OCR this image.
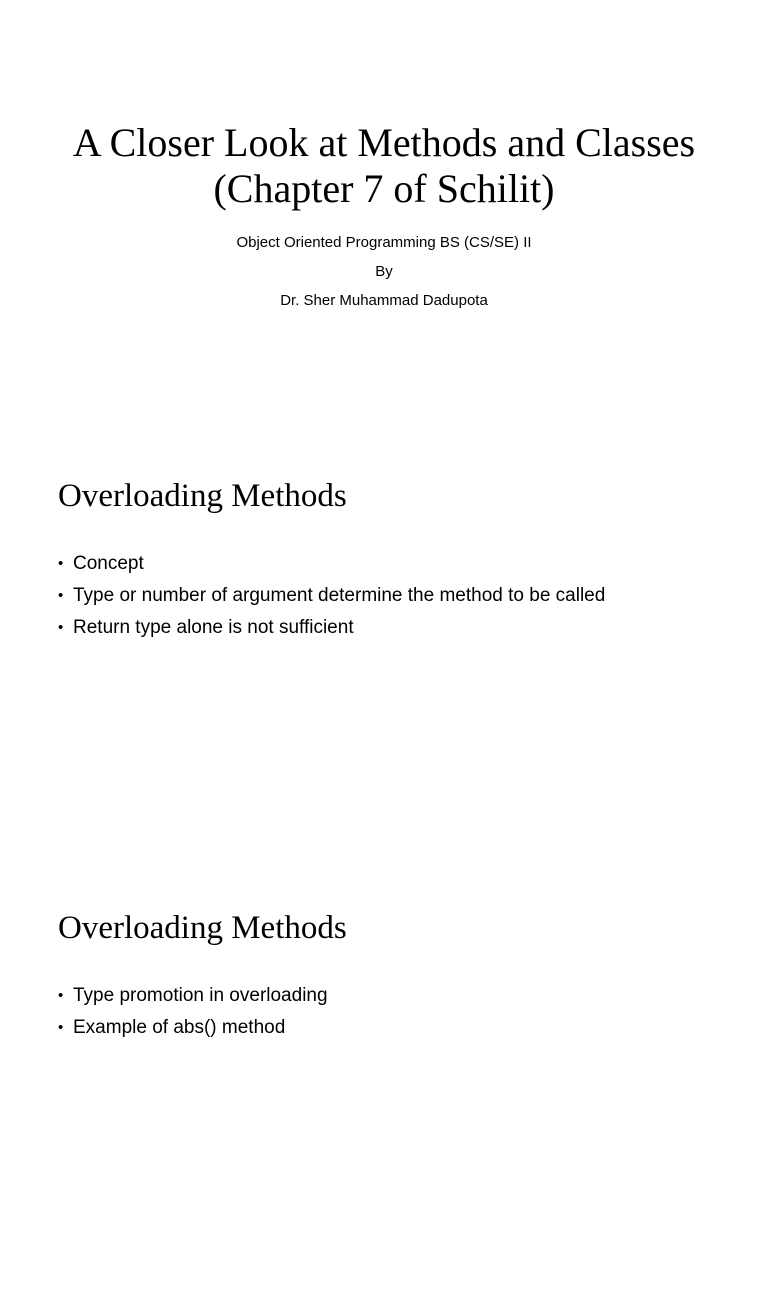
A Closer Look at Methods and Classes
(Chapter 7 of Schilit)
Object Oriented Programming BS (CS/SE) II
By
Dr. Sher Muhammad Dadupota
Overloading Methods
• Concept
• Type or number of argument determine the method to be called
• Return type alone is not sufficient
Overloading Methods
• Type promotion in overloading
• Example of abs() method
